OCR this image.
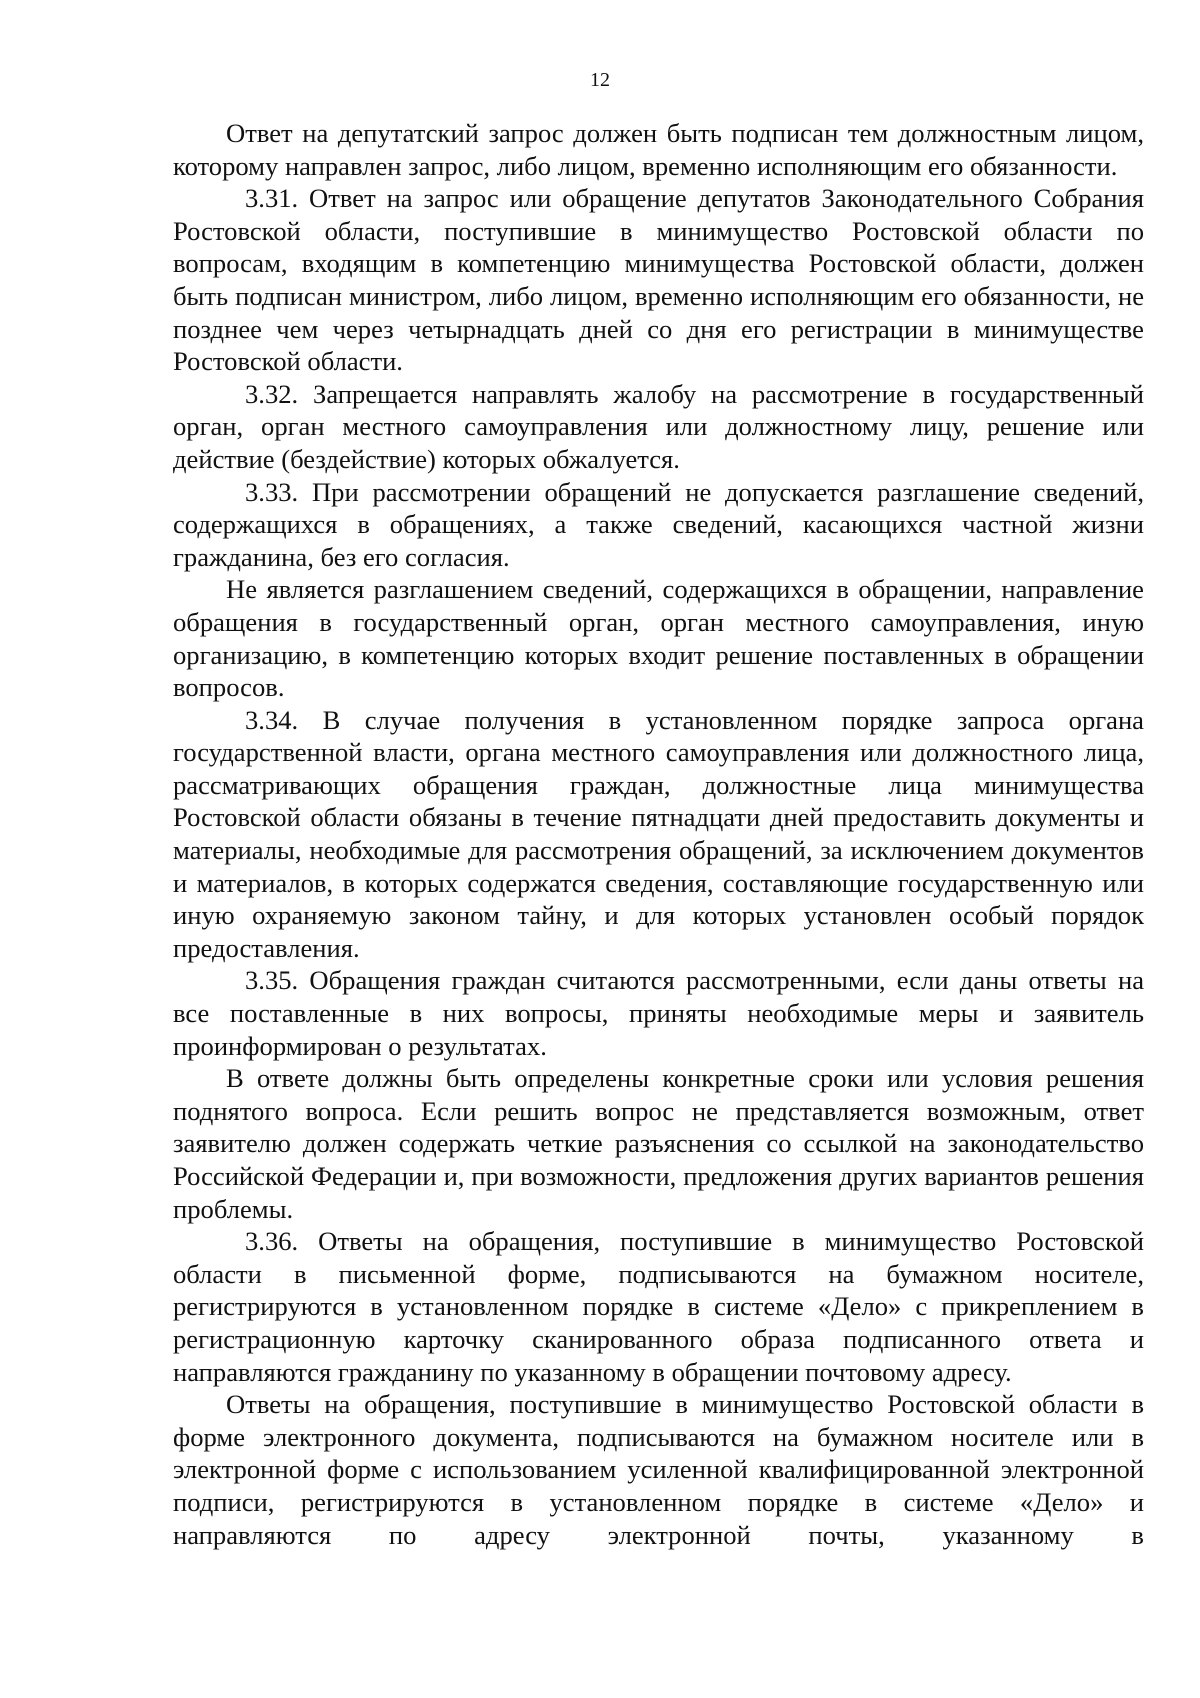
12

Ответ на депутатский запрос должен быть подписан тем должностным лицом, которому направлен запрос, либо лицом, временно исполняющим его обязанности.

3.31. Ответ на запрос или обращение депутатов Законодательного Собрания Ростовской области, поступившие в минимущество Ростовской области по вопросам, входящим в компетенцию минимущества Ростовской области, должен быть подписан министром, либо лицом, временно исполняющим его обязанности, не позднее чем через четырнадцать дней со дня его регистрации в минимуществе Ростовской области.

3.32. Запрещается направлять жалобу на рассмотрение в государственный орган, орган местного самоуправления или должностному лицу, решение или действие (бездействие) которых обжалуется.

3.33. При рассмотрении обращений не допускается разглашение сведений, содержащихся в обращениях, а также сведений, касающихся частной жизни гражданина, без его согласия.

Не является разглашением сведений, содержащихся в обращении, направление обращения в государственный орган, орган местного самоуправления, иную организацию, в компетенцию которых входит решение поставленных в обращении вопросов.

3.34. В случае получения в установленном порядке запроса органа государственной власти, органа местного самоуправления или должностного лица, рассматривающих обращения граждан, должностные лица минимущества Ростовской области обязаны в течение пятнадцати дней предоставить документы и материалы, необходимые для рассмотрения обращений, за исключением документов и материалов, в которых содержатся сведения, составляющие государственную или иную охраняемую законом тайну, и для которых установлен особый порядок предоставления.

3.35. Обращения граждан считаются рассмотренными, если даны ответы на все поставленные в них вопросы, приняты необходимые меры и заявитель проинформирован о результатах.

В ответе должны быть определены конкретные сроки или условия решения поднятого вопроса. Если решить вопрос не представляется возможным, ответ заявителю должен содержать четкие разъяснения со ссылкой на законодательство Российской Федерации и, при возможности, предложения других вариантов решения проблемы.

3.36. Ответы на обращения, поступившие в минимущество Ростовской области в письменной форме, подписываются на бумажном носителе, регистрируются в установленном порядке в системе «Дело» с прикреплением в регистрационную карточку сканированного образа подписанного ответа и направляются гражданину по указанному в обращении почтовому адресу.

Ответы на обращения, поступившие в минимущество Ростовской области в форме электронного документа, подписываются на бумажном носителе или в электронной форме с использованием усиленной квалифицированной электронной подписи, регистрируются в установленном порядке в системе «Дело» и направляются по адресу электронной почты, указанному в
